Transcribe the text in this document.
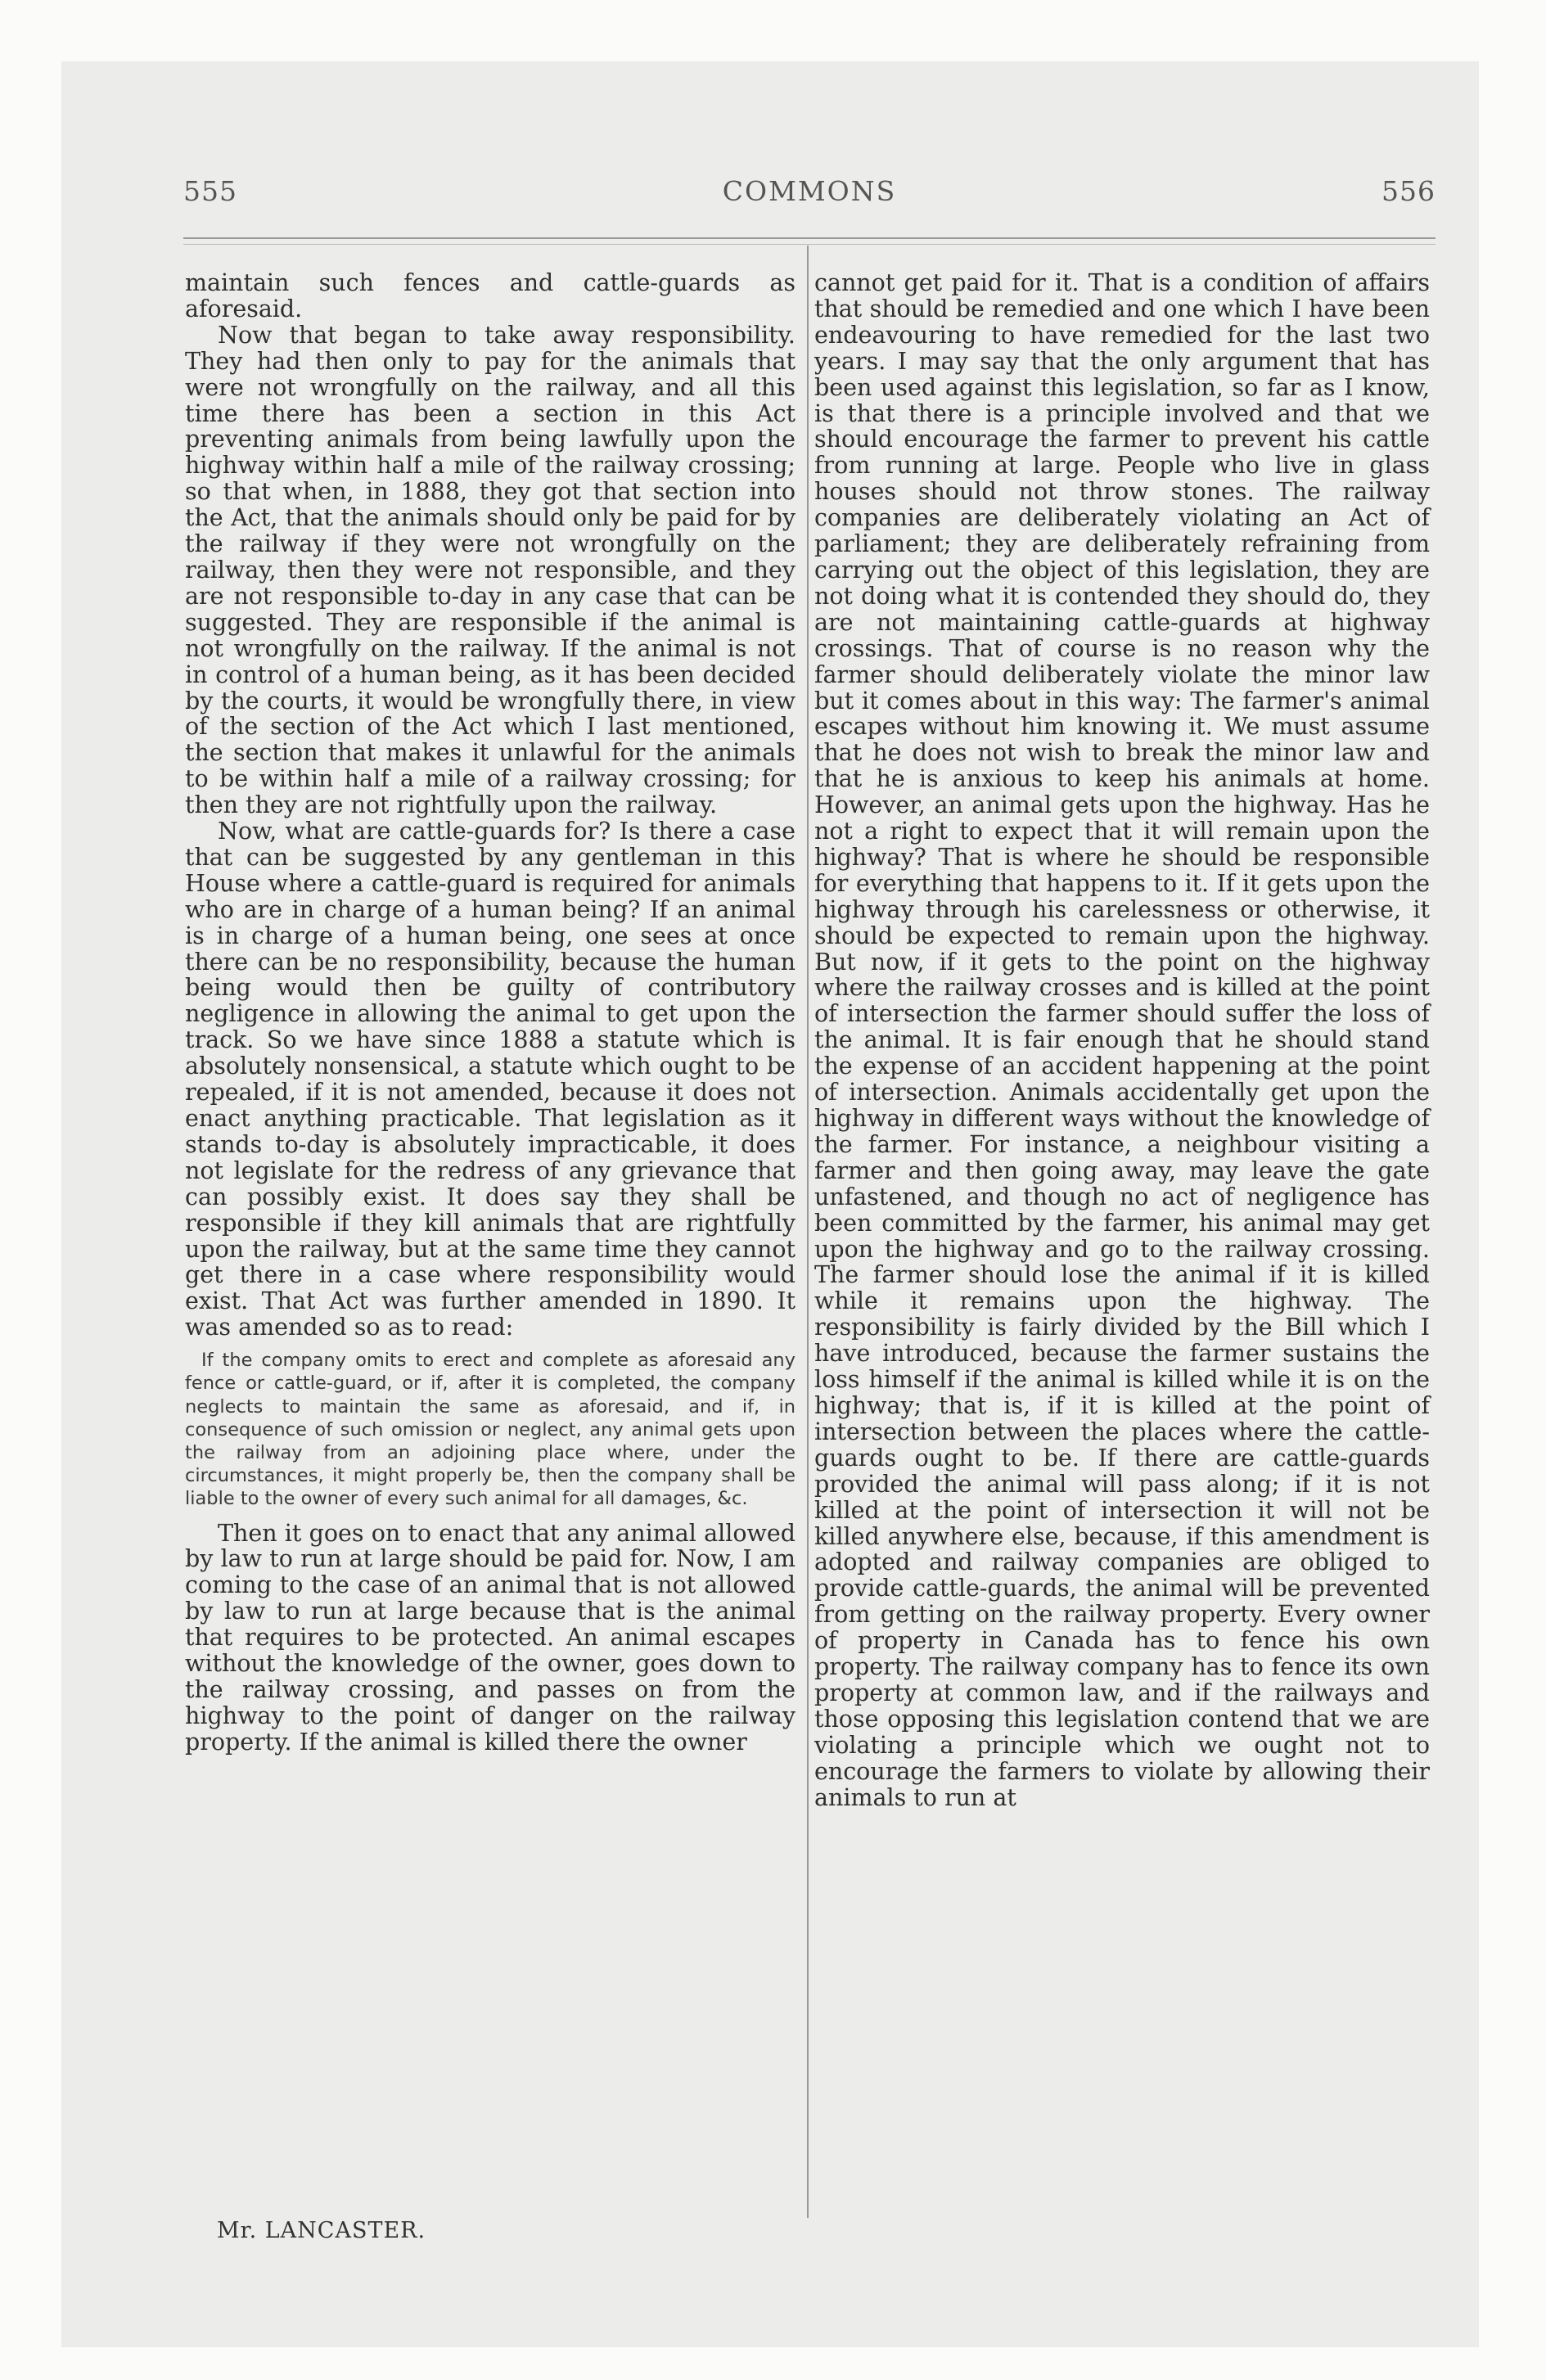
555	COMMONS	556

maintain such fences and cattle-guards as aforesaid.

Now that began to take away responsibility. They had then only to pay for the animals that were not wrongfully on the railway, and all this time there has been a section in this Act preventing animals from being lawfully upon the highway within half a mile of the railway crossing; so that when, in 1888, they got that section into the Act, that the animals should only be paid for by the railway if they were not wrongfully on the railway, then they were not responsible, and they are not responsible to-day in any case that can be suggested. They are responsible if the animal is not wrongfully on the railway. If the animal is not in control of a human being, as it has been decided by the courts, it would be wrongfully there, in view of the section of the Act which I last mentioned, the section that makes it unlawful for the animals to be within half a mile of a railway crossing; for then they are not rightfully upon the railway.

Now, what are cattle-guards for? Is there a case that can be suggested by any gentleman in this House where a cattle-guard is required for animals who are in charge of a human being? If an animal is in charge of a human being, one sees at once there can be no responsibility, because the human being would then be guilty of contributory negligence in allowing the animal to get upon the track. So we have since 1888 a statute which is absolutely nonsensical, a statute which ought to be repealed, if it is not amended, because it does not enact anything practicable. That legislation as it stands to-day is absolutely impracticable, it does not legislate for the redress of any grievance that can possibly exist. It does say they shall be responsible if they kill animals that are rightfully upon the railway, but at the same time they cannot get there in a case where responsibility would exist. That Act was further amended in 1890. It was amended so as to read:

If the company omits to erect and complete as aforesaid any fence or cattle-guard, or if, after it is completed, the company neglects to maintain the same as aforesaid, and if, in consequence of such omission or neglect, any animal gets upon the railway from an adjoining place where, under the circumstances, it might properly be, then the company shall be liable to the owner of every such animal for all damages, &c.

Then it goes on to enact that any animal allowed by law to run at large should be paid for. Now, I am coming to the case of an animal that is not allowed by law to run at large because that is the animal that requires to be protected. An animal escapes without the knowledge of the owner, goes down to the railway crossing, and passes on from the highway to the point of danger on the railway property. If the animal is killed there the owner

cannot get paid for it. That is a condition of affairs that should be remedied and one which I have been endeavouring to have remedied for the last two years. I may say that the only argument that has been used against this legislation, so far as I know, is that there is a principle involved and that we should encourage the farmer to prevent his cattle from running at large. People who live in glass houses should not throw stones. The railway companies are deliberately violating an Act of parliament; they are deliberately refraining from carrying out the object of this legislation, they are not doing what it is contended they should do, they are not maintaining cattle-guards at highway crossings. That of course is no reason why the farmer should deliberately violate the minor law but it comes about in this way: The farmer's animal escapes without him knowing it. We must assume that he does not wish to break the minor law and that he is anxious to keep his animals at home. However, an animal gets upon the highway. Has he not a right to expect that it will remain upon the highway? That is where he should be responsible for everything that happens to it. If it gets upon the highway through his carelessness or otherwise, it should be expected to remain upon the highway. But now, if it gets to the point on the highway where the railway crosses and is killed at the point of intersection the farmer should suffer the loss of the animal. It is fair enough that he should stand the expense of an accident happening at the point of intersection. Animals accidentally get upon the highway in different ways without the knowledge of the farmer. For instance, a neighbour visiting a farmer and then going away, may leave the gate unfastened, and though no act of negligence has been committed by the farmer, his animal may get upon the highway and go to the railway crossing. The farmer should lose the animal if it is killed while it remains upon the highway. The responsibility is fairly divided by the Bill which I have introduced, because the farmer sustains the loss himself if the animal is killed while it is on the highway; that is, if it is killed at the point of intersection between the places where the cattle-guards ought to be. If there are cattle-guards provided the animal will pass along; if it is not killed at the point of intersection it will not be killed anywhere else, because, if this amendment is adopted and railway companies are obliged to provide cattle-guards, the animal will be prevented from getting on the railway property. Every owner of property in Canada has to fence his own property. The railway company has to fence its own property at common law, and if the railways and those opposing this legislation contend that we are violating a principle which we ought not to encourage the farmers to violate by allowing their animals to run at

Mr. LANCASTER.
